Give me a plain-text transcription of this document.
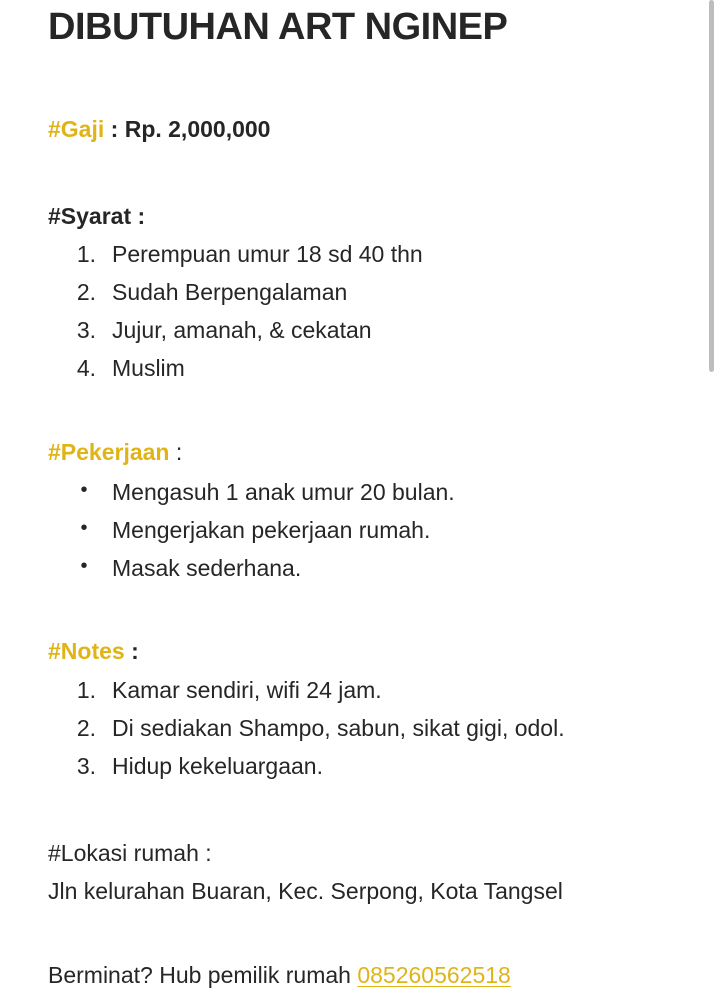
DIBUTUHAN ART NGINEP
#Gaji : Rp. 2,000,000
#Syarat :
1. Perempuan umur 18 sd 40 thn
2. Sudah Berpengalaman
3. Jujur, amanah, & cekatan
4. Muslim
#Pekerjaan :
• Mengasuh 1 anak umur 20 bulan.
• Mengerjakan pekerjaan rumah.
• Masak sederhana.
#Notes :
1. Kamar sendiri, wifi 24 jam.
2. Di sediakan Shampo, sabun, sikat gigi, odol.
3. Hidup kekeluargaan.
#Lokasi rumah :
Jln kelurahan Buaran, Kec. Serpong, Kota Tangsel
Berminat? Hub pemilik rumah 085260562518
